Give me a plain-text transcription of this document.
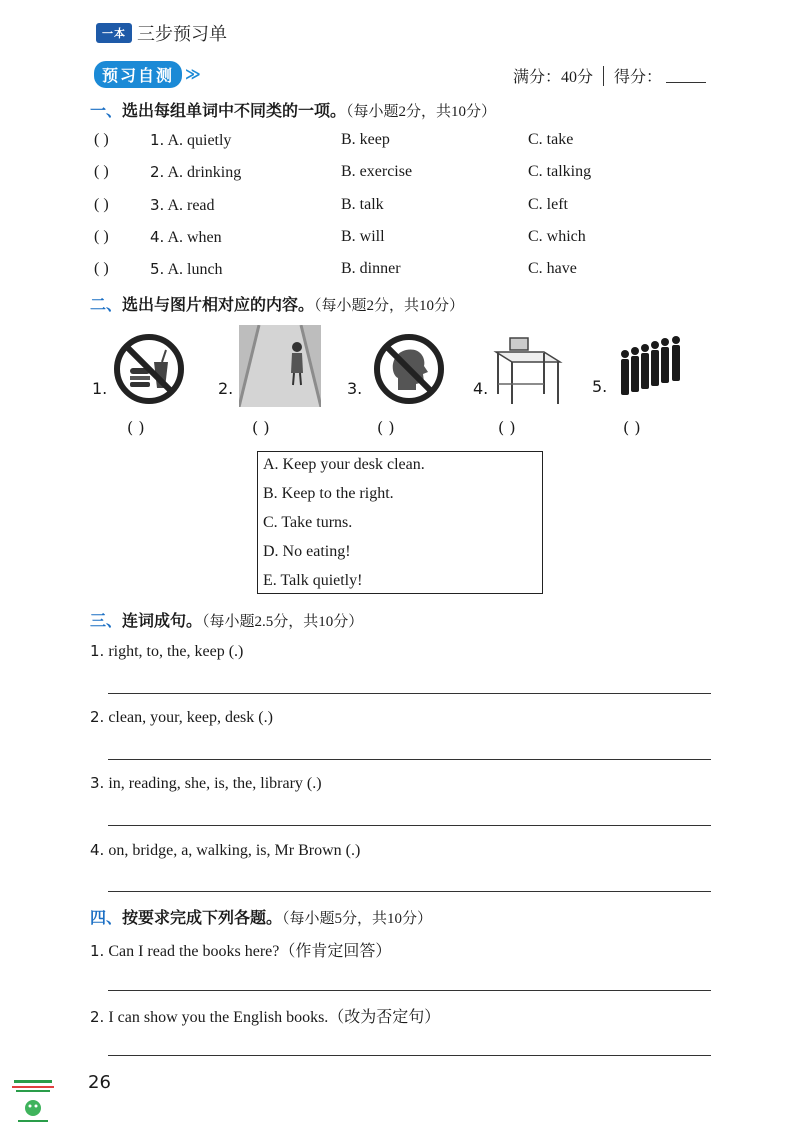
一本 三步预习单
预习自测 ≫	满分：40分 得分：
一、选出每组单词中不同类的一项。（每小题2分，共10分）
( )	1. A. quietly	B. keep	C. take
( )	2. A. drinking	B. exercise	C. talking
( )	3. A. read	B. talk	C. left
( )	4. A. when	B. will	C. which
( )	5. A. lunch	B. dinner	C. have
二、选出与图片相对应的内容。（每小题2分，共10分）
1.
( )
2.
( )
3.
( )
4.
( )
5.
( )
A. Keep your desk clean.
B. Keep to the right.
C. Take turns.
D. No eating!
E. Talk quietly!
三、连词成句。（每小题2.5分，共10分）
1. right, to, the, keep (.)
2. clean, your, keep, desk (.)
3. in, reading, she, is, the, library (.)
4. on, bridge, a, walking, is, Mr Brown (.)
四、按要求完成下列各题。（每小题5分，共10分）
1. Can I read the books here?（作肯定回答）
2. I can show you the English books.（改为否定句）
26
